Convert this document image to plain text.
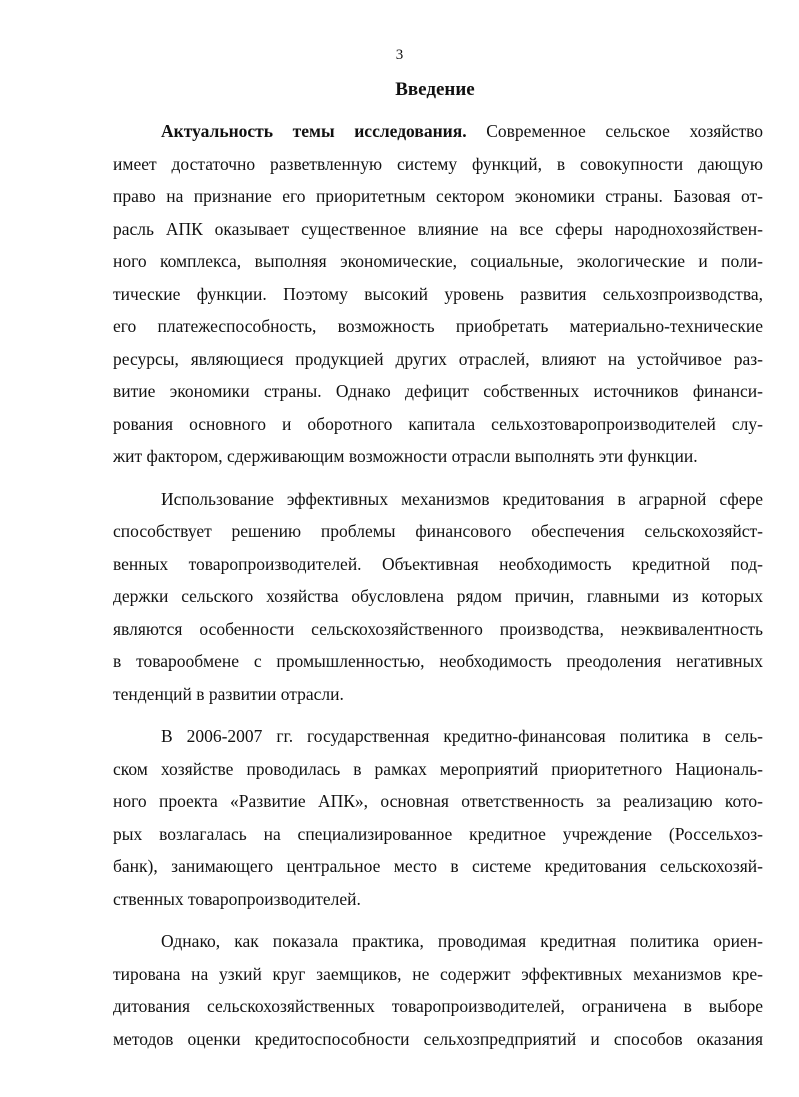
3
Введение
Актуальность темы исследования. Современное сельское хозяйство
имеет достаточно разветвленную систему функций, в совокупности дающую
право на признание его приоритетным сектором экономики страны. Базовая от-
расль АПК оказывает существенное влияние на все сферы народнохозяйствен-
ного комплекса, выполняя экономические, социальные, экологические и поли-
тические функции. Поэтому высокий уровень развития сельхозпроизводства,
его платежеспособность, возможность приобретать материально-технические
ресурсы, являющиеся продукцией других отраслей, влияют на устойчивое раз-
витие экономики страны. Однако дефицит собственных источников финанси-
рования основного и оборотного капитала сельхозтоваропроизводителей слу-
жит фактором, сдерживающим возможности отрасли выполнять эти функции.
Использование эффективных механизмов кредитования в аграрной сфере
способствует решению проблемы финансового обеспечения сельскохозяйст-
венных товаропроизводителей. Объективная необходимость кредитной под-
держки сельского хозяйства обусловлена рядом причин, главными из которых
являются особенности сельскохозяйственного производства, неэквивалентность
в товарообмене с промышленностью, необходимость преодоления негативных
тенденций в развитии отрасли.
В 2006-2007 гг. государственная кредитно-финансовая политика в сель-
ском хозяйстве проводилась в рамках мероприятий приоритетного Националь-
ного проекта «Развитие АПК», основная ответственность за реализацию кото-
рых возлагалась на специализированное кредитное учреждение (Россельхоз-
банк), занимающего центральное место в системе кредитования сельскохозяй-
ственных товаропроизводителей.
Однако, как показала практика, проводимая кредитная политика ориен-
тирована на узкий круг заемщиков, не содержит эффективных механизмов кре-
дитования сельскохозяйственных товаропроизводителей, ограничена в выборе
методов оценки кредитоспособности сельхозпредприятий и способов оказания
